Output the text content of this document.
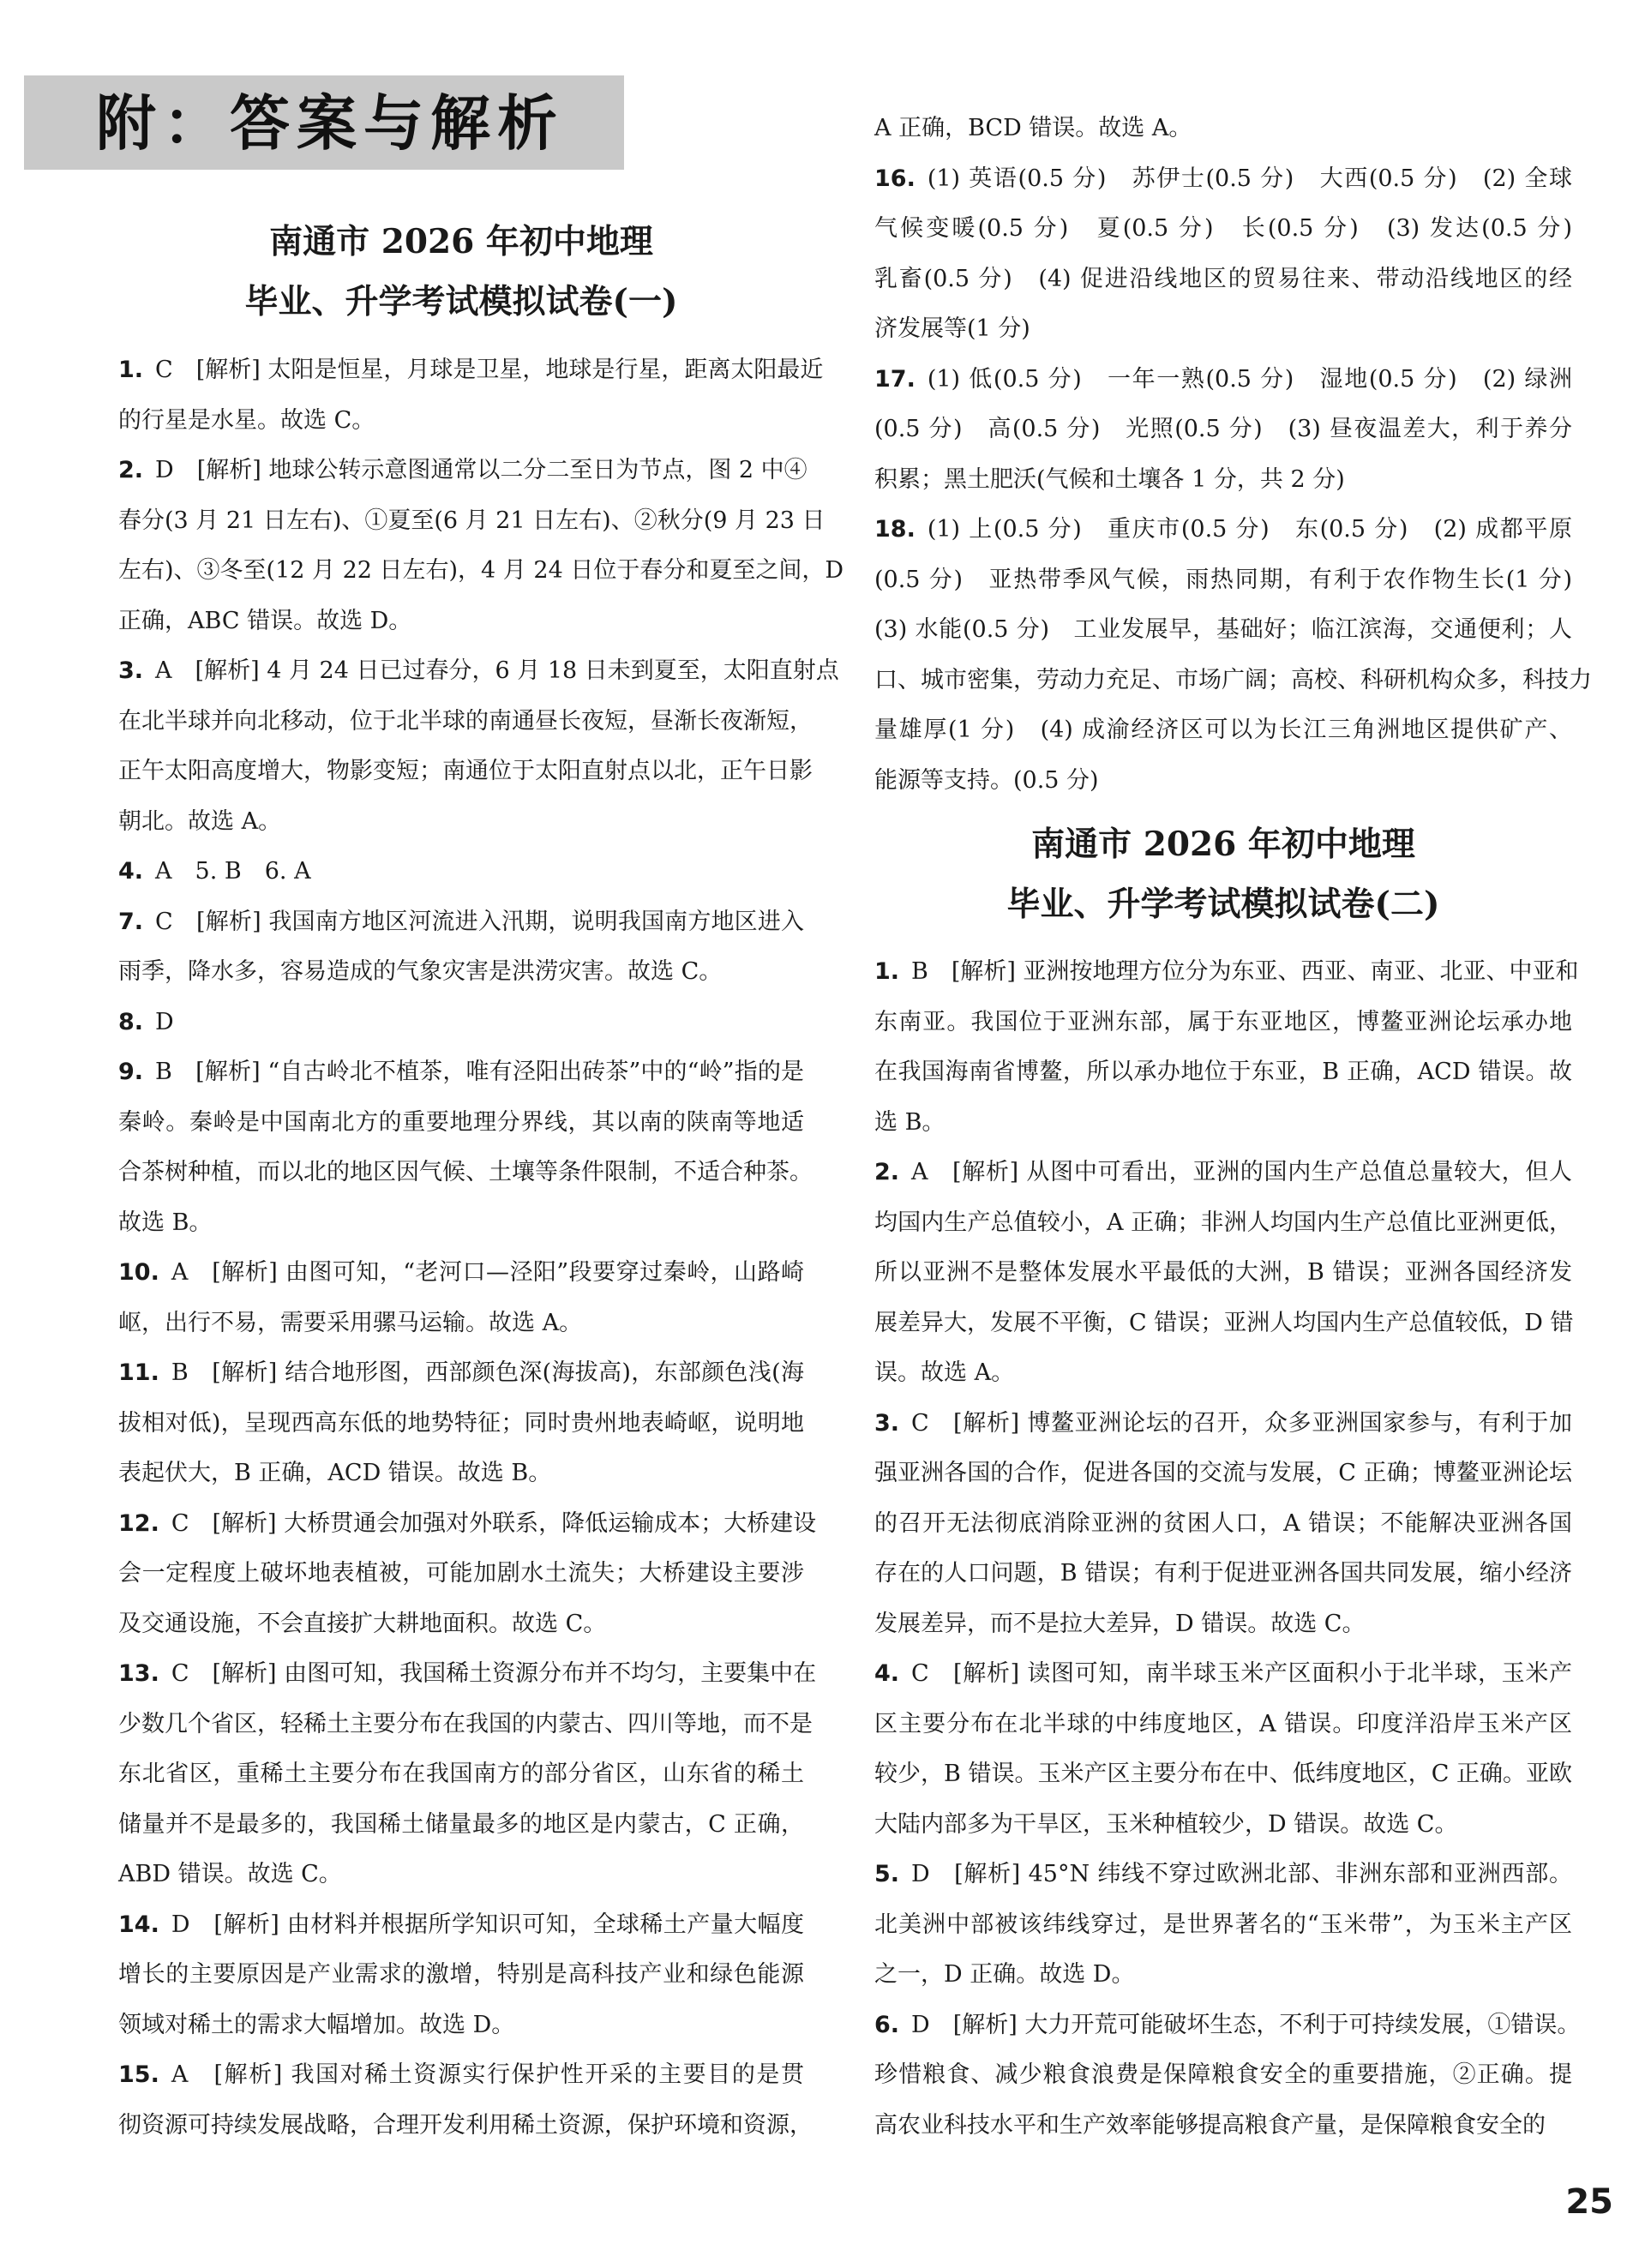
附：答案与解析
南通市 2026 年初中地理
毕业、升学考试模拟试卷(一)
1. C　[解析] 太阳是恒星，月球是卫星，地球是行星，距离太阳最近
的行星是水星。故选 C。
2. D　[解析] 地球公转示意图通常以二分二至日为节点，图 2 中④
春分(3 月 21 日左右)、①夏至(6 月 21 日左右)、②秋分(9 月 23 日
左右)、③冬至(12 月 22 日左右)，4 月 24 日位于春分和夏至之间，D
正确，ABC 错误。故选 D。
3. A　[解析] 4 月 24 日已过春分，6 月 18 日未到夏至，太阳直射点
在北半球并向北移动，位于北半球的南通昼长夜短，昼渐长夜渐短，
正午太阳高度增大，物影变短；南通位于太阳直射点以北，正午日影
朝北。故选 A。
4. A　5. B　6. A
7. C　[解析] 我国南方地区河流进入汛期，说明我国南方地区进入
雨季，降水多，容易造成的气象灾害是洪涝灾害。故选 C。
8. D
9. B　[解析] “自古岭北不植茶，唯有泾阳出砖茶”中的“岭”指的是
秦岭。秦岭是中国南北方的重要地理分界线，其以南的陕南等地适
合茶树种植，而以北的地区因气候、土壤等条件限制，不适合种茶。
故选 B。
10. A　[解析] 由图可知，“老河口—泾阳”段要穿过秦岭，山路崎
岖，出行不易，需要采用骡马运输。故选 A。
11. B　[解析] 结合地形图，西部颜色深(海拔高)，东部颜色浅(海
拔相对低)，呈现西高东低的地势特征；同时贵州地表崎岖，说明地
表起伏大，B 正确，ACD 错误。故选 B。
12. C　[解析] 大桥贯通会加强对外联系，降低运输成本；大桥建设
会一定程度上破坏地表植被，可能加剧水土流失；大桥建设主要涉
及交通设施，不会直接扩大耕地面积。故选 C。
13. C　[解析] 由图可知，我国稀土资源分布并不均匀，主要集中在
少数几个省区，轻稀土主要分布在我国的内蒙古、四川等地，而不是
东北省区，重稀土主要分布在我国南方的部分省区，山东省的稀土
储量并不是最多的，我国稀土储量最多的地区是内蒙古，C 正确，
ABD 错误。故选 C。
14. D　[解析] 由材料并根据所学知识可知，全球稀土产量大幅度
增长的主要原因是产业需求的激增，特别是高科技产业和绿色能源
领域对稀土的需求大幅增加。故选 D。
15. A　[解析] 我国对稀土资源实行保护性开采的主要目的是贯
彻资源可持续发展战略，合理开发利用稀土资源，保护环境和资源，
A 正确，BCD 错误。故选 A。
16. (1) 英语(0.5 分)　苏伊士(0.5 分)　大西(0.5 分)　(2) 全球
气候变暖(0.5 分)　夏(0.5 分)　长(0.5 分)　(3) 发达(0.5 分)
乳畜(0.5 分)　(4) 促进沿线地区的贸易往来、带动沿线地区的经
济发展等(1 分)
17. (1) 低(0.5 分)　一年一熟(0.5 分)　湿地(0.5 分)　(2) 绿洲
(0.5 分)　高(0.5 分)　光照(0.5 分)　(3) 昼夜温差大，利于养分
积累；黑土肥沃(气候和土壤各 1 分，共 2 分)
18. (1) 上(0.5 分)　重庆市(0.5 分)　东(0.5 分)　(2) 成都平原
(0.5 分)　亚热带季风气候，雨热同期，有利于农作物生长(1 分)
(3) 水能(0.5 分)　工业发展早，基础好；临江滨海，交通便利；人
口、城市密集，劳动力充足、市场广阔；高校、科研机构众多，科技力
量雄厚(1 分)　(4) 成渝经济区可以为长江三角洲地区提供矿产、
能源等支持。(0.5 分)
南通市 2026 年初中地理
毕业、升学考试模拟试卷(二)
1. B　[解析] 亚洲按地理方位分为东亚、西亚、南亚、北亚、中亚和
东南亚。我国位于亚洲东部，属于东亚地区，博鳌亚洲论坛承办地
在我国海南省博鳌，所以承办地位于东亚，B 正确，ACD 错误。故
选 B。
2. A　[解析] 从图中可看出，亚洲的国内生产总值总量较大，但人
均国内生产总值较小，A 正确；非洲人均国内生产总值比亚洲更低，
所以亚洲不是整体发展水平最低的大洲，B 错误；亚洲各国经济发
展差异大，发展不平衡，C 错误；亚洲人均国内生产总值较低，D 错
误。故选 A。
3. C　[解析] 博鳌亚洲论坛的召开，众多亚洲国家参与，有利于加
强亚洲各国的合作，促进各国的交流与发展，C 正确；博鳌亚洲论坛
的召开无法彻底消除亚洲的贫困人口，A 错误；不能解决亚洲各国
存在的人口问题，B 错误；有利于促进亚洲各国共同发展，缩小经济
发展差异，而不是拉大差异，D 错误。故选 C。
4. C　[解析] 读图可知，南半球玉米产区面积小于北半球，玉米产
区主要分布在北半球的中纬度地区，A 错误。印度洋沿岸玉米产区
较少，B 错误。玉米产区主要分布在中、低纬度地区，C 正确。亚欧
大陆内部多为干旱区，玉米种植较少，D 错误。故选 C。
5. D　[解析] 45°N 纬线不穿过欧洲北部、非洲东部和亚洲西部。
北美洲中部被该纬线穿过，是世界著名的“玉米带”，为玉米主产区
之一，D 正确。故选 D。
6. D　[解析] 大力开荒可能破坏生态，不利于可持续发展，①错误。
珍惜粮食、减少粮食浪费是保障粮食安全的重要措施，②正确。提
高农业科技水平和生产效率能够提高粮食产量，是保障粮食安全的
25
